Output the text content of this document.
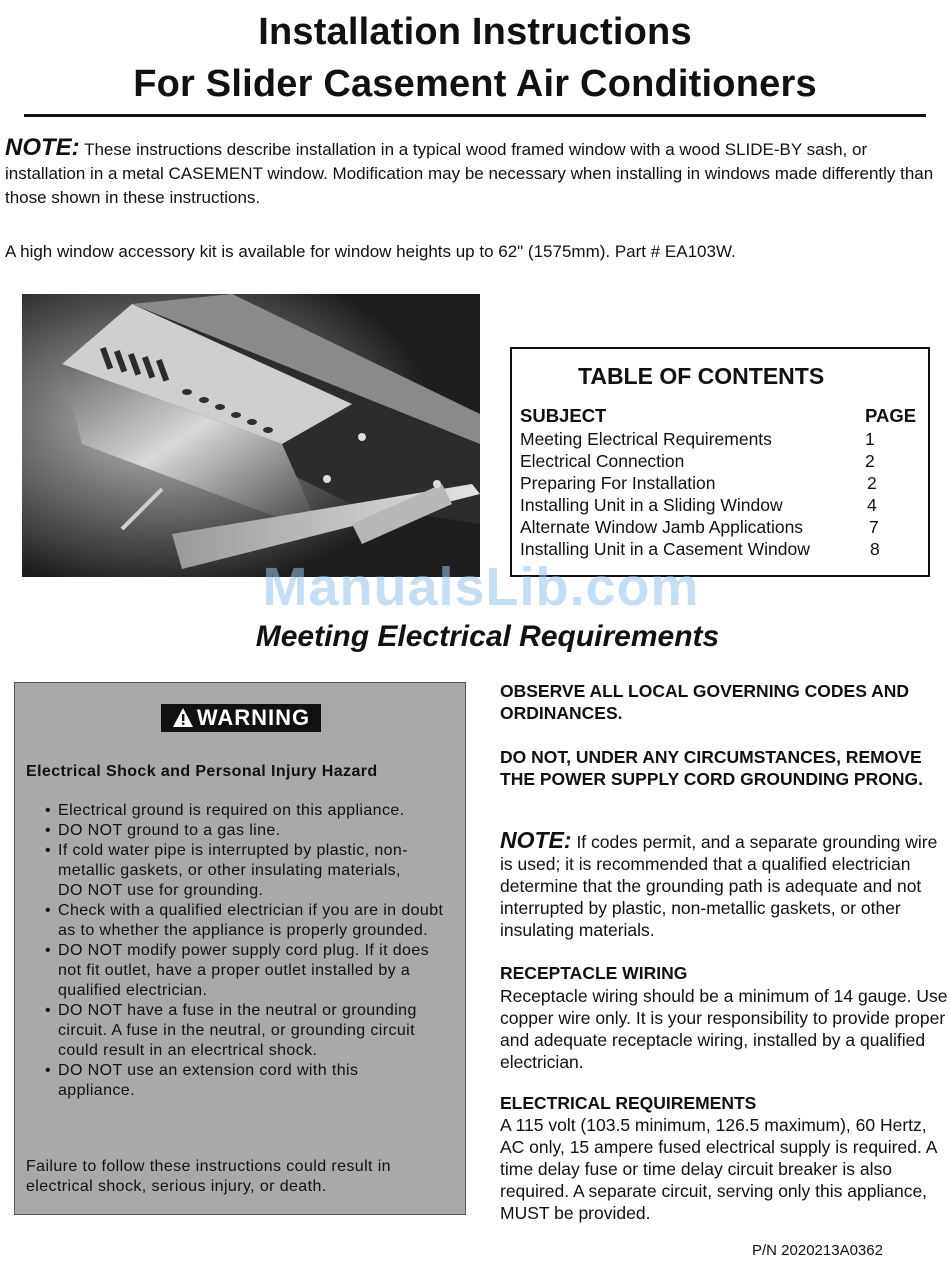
Installation Instructions
For Slider Casement Air Conditioners
NOTE: These instructions describe installation in a typical wood framed window with a wood SLIDE-BY sash, or installation in a metal CASEMENT window. Modification may be necessary when installing in windows made differently than those shown in these instructions.
A high window accessory kit is available for window heights up to 62" (1575mm). Part # EA103W.
TABLE OF CONTENTS
SUBJECT	PAGE
Meeting Electrical Requirements	1
Electrical Connection	2
Preparing For Installation	2
Installing Unit in a Sliding Window	4
Alternate Window Jamb Applications	7
Installing Unit in a Casement Window	8
ManualsLib.com
Meeting Electrical Requirements
WARNING
Electrical Shock and Personal Injury Hazard
• Electrical ground is required on this appliance.
• DO NOT ground to a gas line.
• If cold water pipe is interrupted by plastic, non-metallic gaskets, or other insulating materials, DO NOT use for grounding.
• Check with a qualified electrician if you are in doubt as to whether the appliance is properly grounded.
• DO NOT modify power supply cord plug. If it does not fit outlet, have a proper outlet installed by a qualified electrician.
• DO NOT have a fuse in the neutral or grounding circuit. A fuse in the neutral, or grounding circuit could result in an elecrtrical shock.
• DO NOT use an extension cord with this appliance.
Failure to follow these instructions could result in electrical shock, serious injury, or death.
OBSERVE ALL LOCAL GOVERNING CODES AND ORDINANCES.
DO NOT, UNDER ANY CIRCUMSTANCES, REMOVE THE POWER SUPPLY CORD GROUNDING PRONG.
NOTE: If codes permit, and a separate grounding wire is used; it is recommended that a qualified electrician determine that the grounding path is adequate and not interrupted by plastic, non-metallic gaskets, or other insulating materials.
RECEPTACLE WIRING
Receptacle wiring should be a minimum of 14 gauge. Use copper wire only. It is your responsibility to provide proper and adequate receptacle wiring, installed by a qualified electrician.
ELECTRICAL REQUIREMENTS
A 115 volt (103.5 minimum, 126.5 maximum), 60 Hertz, AC only, 15 ampere fused electrical supply is required. A time delay fuse or time delay circuit breaker is also required. A separate circuit, serving only this appliance, MUST be provided.
P/N 2020213A0362
